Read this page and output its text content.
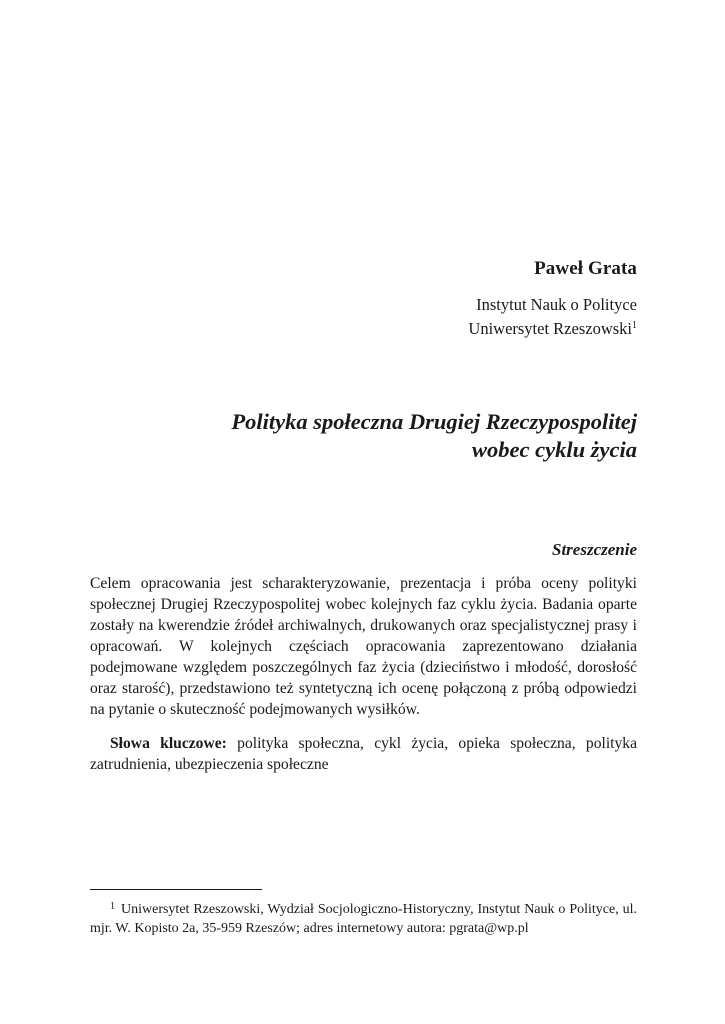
Paweł Grata
Instytut Nauk o Polityce
Uniwersytet Rzeszowski$^1$
Polityka społeczna Drugiej Rzeczypospolitej
wobec cyklu życia
Streszczenie
Celem opracowania jest scharakteryzowanie, prezentacja i próba oceny polityki społecznej Drugiej Rzeczypospolitej wobec kolejnych faz cyklu życia. Badania oparte zostały na kwerendzie źródeł archiwalnych, drukowanych oraz specjalistycznej prasy i opracowań. W kolejnych częściach opracowania zaprezentowano działania podejmowane względem poszczególnych faz życia (dzieciństwo i młodość, dorosłość oraz starość), przedstawiono też syntetyczną ich ocenę połączoną z próbą odpowiedzi na pytanie o skuteczność podejmowanych wysiłków.
Słowa kluczowe: polityka społeczna, cykl życia, opieka społeczna, polityka zatrudnienia, ubezpieczenia społeczne
$^1$ Uniwersytet Rzeszowski, Wydział Socjologiczno-Historyczny, Instytut Nauk o Polityce, ul. mjr. W. Kopisto 2a, 35-959 Rzeszów; adres internetowy autora: pgrata@wp.pl
